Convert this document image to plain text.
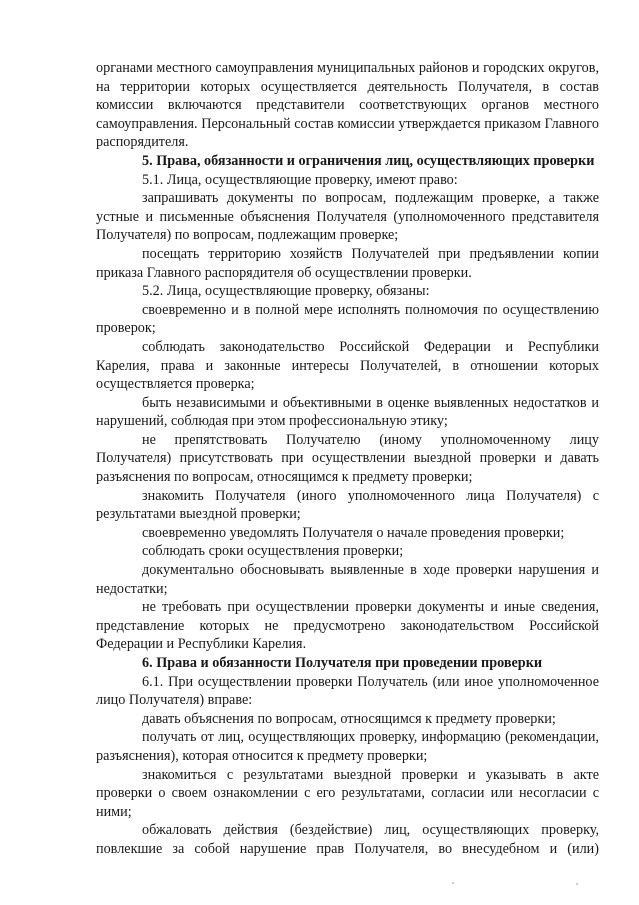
органами местного самоуправления муниципальных районов и городских округов, на территории которых осуществляется деятельность Получателя, в состав комиссии включаются представители соответствующих органов местного самоуправления. Персональный состав комиссии утверждается приказом Главного распорядителя.

5. Права, обязанности и ограничения лиц, осуществляющих проверки

5.1. Лица, осуществляющие проверку, имеют право:

запрашивать документы по вопросам, подлежащим проверке, а также устные и письменные объяснения Получателя (уполномоченного представителя Получателя) по вопросам, подлежащим проверке;

посещать территорию хозяйств Получателей при предъявлении копии приказа Главного распорядителя об осуществлении проверки.

5.2. Лица, осуществляющие проверку, обязаны:

своевременно и в полной мере исполнять полномочия по осуществлению проверок;

соблюдать законодательство Российской Федерации и Республики Карелия, права и законные интересы Получателей, в отношении которых осуществляется проверка;

быть независимыми и объективными в оценке выявленных недостатков и нарушений, соблюдая при этом профессиональную этику;

не препятствовать Получателю (иному уполномоченному лицу Получателя) присутствовать при осуществлении выездной проверки и давать разъяснения по вопросам, относящимся к предмету проверки;

знакомить Получателя (иного уполномоченного лица Получателя) с результатами выездной проверки;

своевременно уведомлять Получателя о начале проведения проверки;

соблюдать сроки осуществления проверки;

документально обосновывать выявленные в ходе проверки нарушения и недостатки;

не требовать при осуществлении проверки документы и иные сведения, представление которых не предусмотрено законодательством Российской Федерации и Республики Карелия.

6. Права и обязанности Получателя при проведении проверки

6.1. При осуществлении проверки Получатель (или иное уполномоченное лицо Получателя) вправе:

давать объяснения по вопросам, относящимся к предмету проверки;

получать от лиц, осуществляющих проверку, информацию (рекомендации, разъяснения), которая относится к предмету проверки;

знакомиться с результатами выездной проверки и указывать в акте проверки о своем ознакомлении с его результатами, согласии или несогласии с ними;

обжаловать действия (бездействие) лиц, осуществляющих проверку, повлекшие за собой нарушение прав Получателя, во внесудебном и (или)
